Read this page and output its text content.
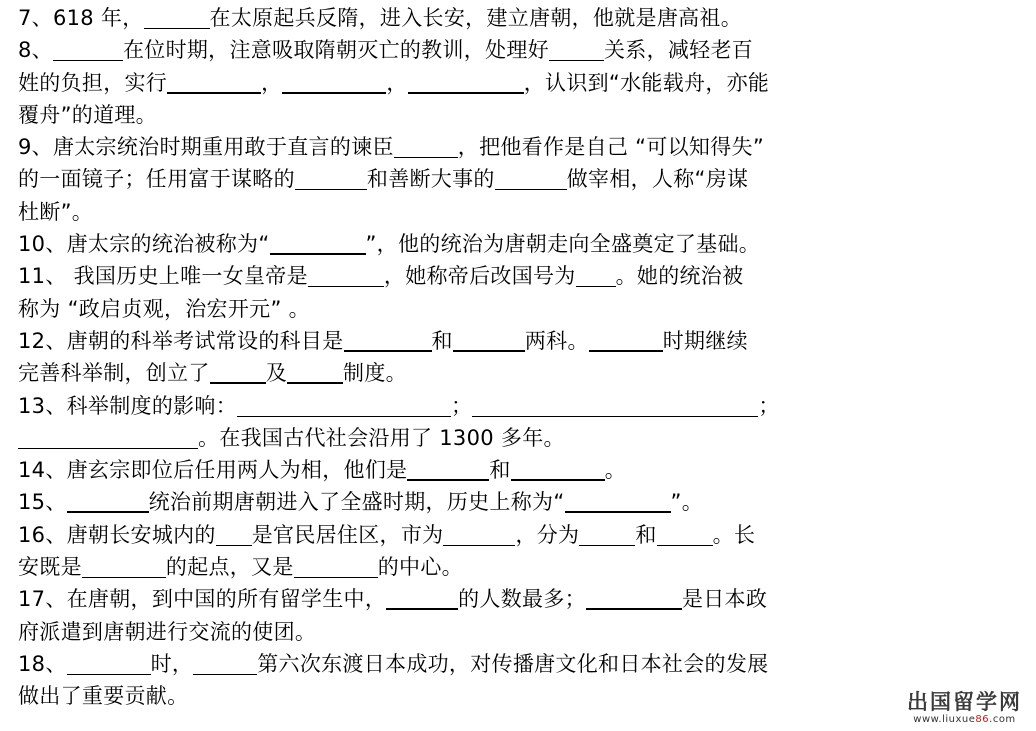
7、618 年，	在太原起兵反隋，进入长安，建立唐朝，他就是唐高祖。
8、	在位时期，注意吸取隋朝灭亡的教训，处理好	关系，减轻老百
姓的负担，实行	，	，	，认识到“水能载舟，亦能
覆舟”的道理。
9、唐太宗统治时期重用敢于直言的谏臣	，把他看作是自己 “可以知得失”
的一面镜子；任用富于谋略的	和善断大事的	做宰相，人称“房谋
杜断”。
10、唐太宗的统治被称为“	”，他的统治为唐朝走向全盛奠定了基础。
11、 我国历史上唯一女皇帝是	，她称帝后改国号为 。她的统治被
称为 “政启贞观，治宏开元” 。
12、唐朝的科举考试常设的科目是	和	两科。	时期继续
完善科举制，创立了	及	制度。
13、科举制度的影响：	；	；
。在我国古代社会沿用了 1300 多年。
14、唐玄宗即位后任用两人为相，他们是	和	。
15、	统治前期唐朝进入了全盛时期，历史上称为“	”。
16、唐朝长安城内的 是官民居住区，市为	，分为	和	。长
安既是	的起点，又是	的中心。
17、在唐朝，到中国的所有留学生中，	的人数最多；	是日本政
府派遣到唐朝进行交流的使团。
18、	时，	第六次东渡日本成功，对传播唐文化和日本社会的发展
做出了重要贡献。	出国留学网
www.liuxue86.com
